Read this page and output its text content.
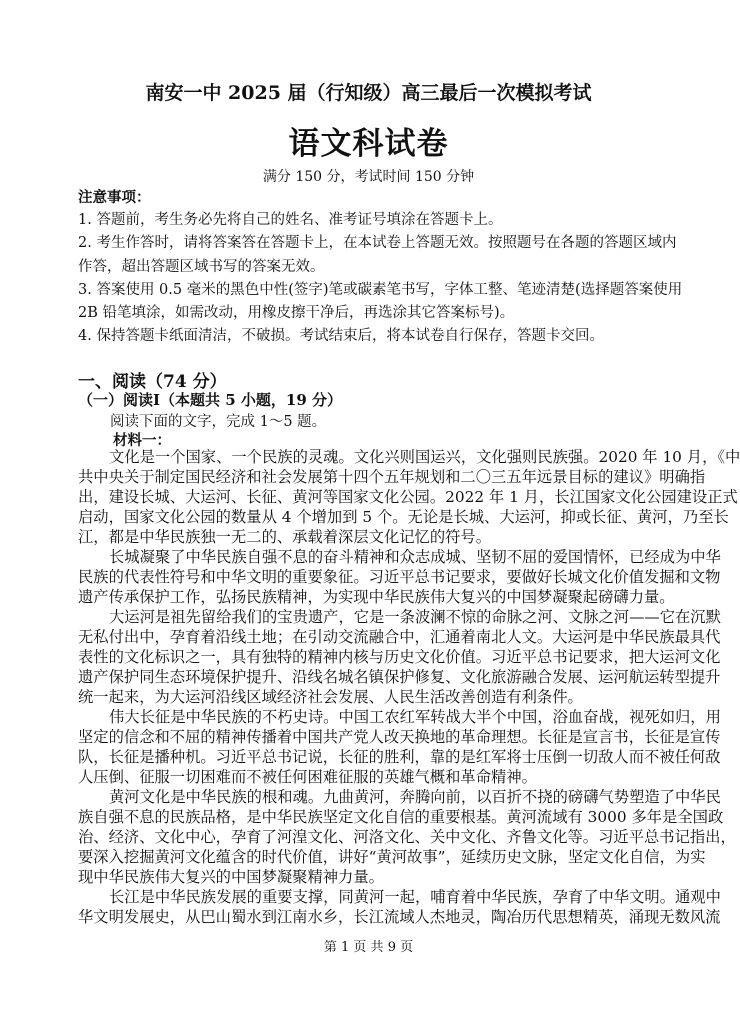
南安一中 2025 届（行知级）高三最后一次模拟考试
语文科试卷
满分 150 分，考试时间 150 分钟
注意事项：
1. 答题前，考生务必先将自己的姓名、准考证号填涂在答题卡上。
2. 考生作答时，请将答案答在答题卡上，在本试卷上答题无效。按照题号在各题的答题区域内
作答，超出答题区域书写的答案无效。
3. 答案使用 0.5 毫米的黑色中性(签字)笔或碳素笔书写，字体工整、笔迹清楚(选择题答案使用
2B 铅笔填涂，如需改动，用橡皮擦干净后，再选涂其它答案标号)。
4. 保持答题卡纸面清洁，不破损。考试结束后，将本试卷自行保存，答题卡交回。
一、阅读（74 分）
（一）阅读Ⅰ（本题共 5 小题，19 分）
阅读下面的文字，完成 1～5 题。
材料一：
文化是一个国家、一个民族的灵魂。文化兴则国运兴，文化强则民族强。2020 年 10 月，《中
共中央关于制定国民经济和社会发展第十四个五年规划和二〇三五年远景目标的建议》明确指
出，建设长城、大运河、长征、黄河等国家文化公园。2022 年 1 月，长江国家文化公园建设正式
启动，国家文化公园的数量从 4 个增加到 5 个。无论是长城、大运河，抑或长征、黄河，乃至长
江，都是中华民族独一无二的、承载着深层文化记忆的符号。
长城凝聚了中华民族自强不息的奋斗精神和众志成城、坚韧不屈的爱国情怀，已经成为中华
民族的代表性符号和中华文明的重要象征。习近平总书记要求，要做好长城文化价值发掘和文物
遗产传承保护工作，弘扬民族精神，为实现中华民族伟大复兴的中国梦凝聚起磅礴力量。
大运河是祖先留给我们的宝贵遗产，它是一条波澜不惊的命脉之河、文脉之河——它在沉默
无私付出中，孕育着沿线土地；在引动交流融合中，汇通着南北人文。大运河是中华民族最具代
表性的文化标识之一，具有独特的精神内核与历史文化价值。习近平总书记要求，把大运河文化
遗产保护同生态环境保护提升、沿线名城名镇保护修复、文化旅游融合发展、运河航运转型提升
统一起来，为大运河沿线区域经济社会发展、人民生活改善创造有利条件。
伟大长征是中华民族的不朽史诗。中国工农红军转战大半个中国，浴血奋战，视死如归，用
坚定的信念和不屈的精神传播着中国共产党人改天换地的革命理想。长征是宣言书，长征是宣传
队，长征是播种机。习近平总书记说，长征的胜利，靠的是红军将士压倒一切敌人而不被任何敌
人压倒、征服一切困难而不被任何困难征服的英雄气概和革命精神。
黄河文化是中华民族的根和魂。九曲黄河，奔腾向前，以百折不挠的磅礴气势塑造了中华民
族自强不息的民族品格，是中华民族坚定文化自信的重要根基。黄河流域有 3000 多年是全国政
治、经济、文化中心，孕育了河湟文化、河洛文化、关中文化、齐鲁文化等。习近平总书记指出，
要深入挖掘黄河文化蕴含的时代价值，讲好“黄河故事”，延续历史文脉，坚定文化自信，为实
现中华民族伟大复兴的中国梦凝聚精神力量。
长江是中华民族发展的重要支撑，同黄河一起，哺育着中华民族，孕育了中华文明。通观中
华文明发展史，从巴山蜀水到江南水乡，长江流域人杰地灵，陶冶历代思想精英，涌现无数风流
第 1 页 共 9 页
